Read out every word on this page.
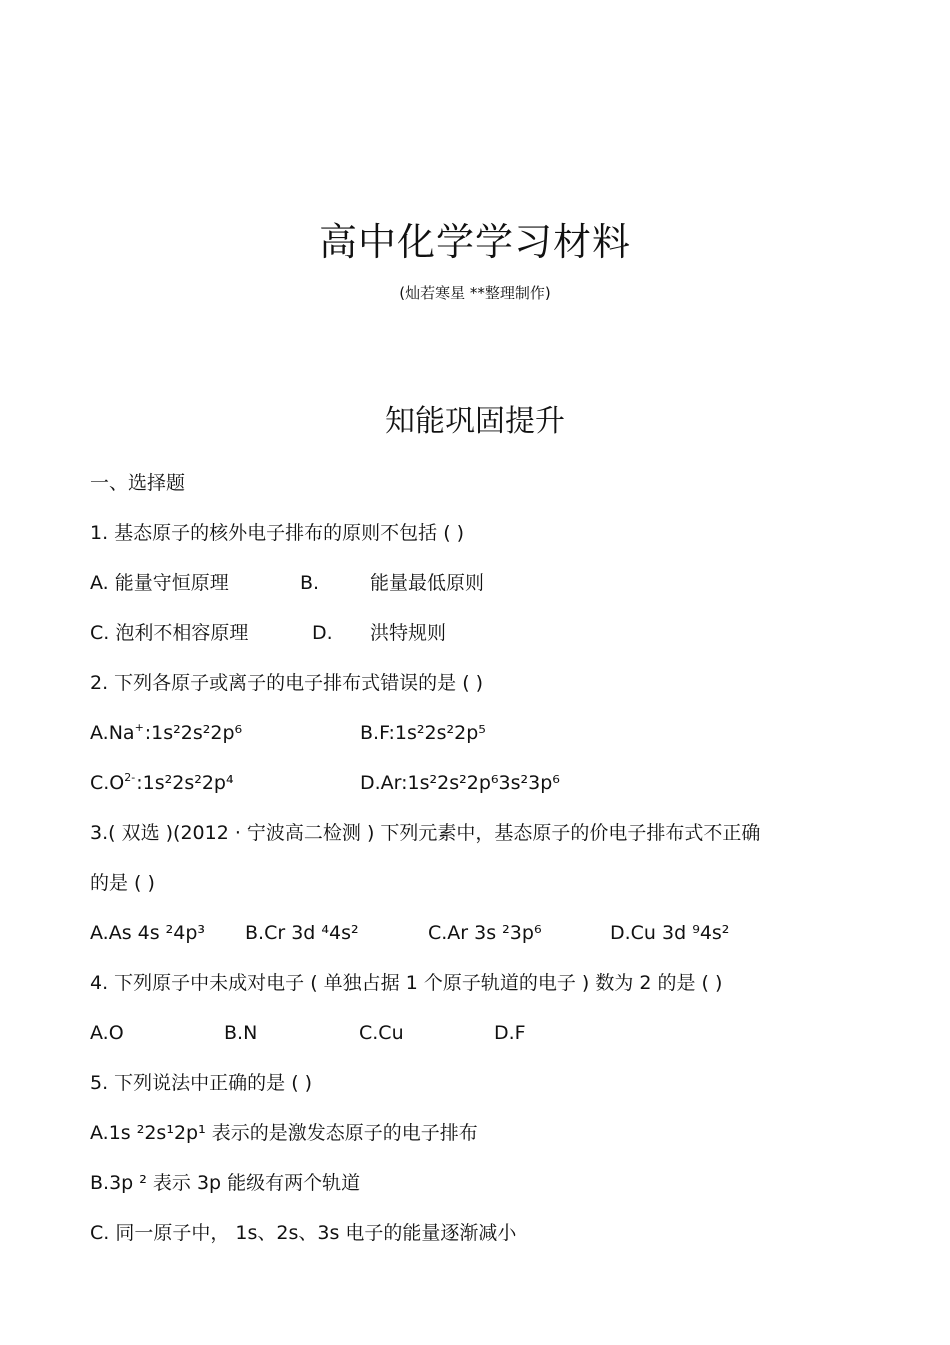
高中化学学习材料
(灿若寒星 **整理制作)
知能巩固提升
一、选择题
1. 基态原子的核外电子排布的原则不包括 ( )
A. 能量守恒原理	B.	能量最低原则
C. 泡利不相容原理	D. 洪特规则
2. 下列各原子或离子的电子排布式错误的是 ( )
A.Na+:1s²2s²2p⁶	B.F:1s²2s²2p⁵
$C.O^{2-}:1s^22s^22p^4$	D.Ar:1s²2s²2p⁶3s²3p⁶
3.( 双选 )(2012 · 宁波高二检测 ) 下列元素中，基态原子的价电子排布式不正确
的是 ( )
A.As 4s ²4p³ B.Cr 3d ⁴4s²	C.Ar 3s ²3p⁶	D.Cu 3d ⁹4s²
4. 下列原子中未成对电子 ( 单独占据 1 个原子轨道的电子 ) 数为 2 的是 ( )
A.O	B.N	C.Cu	D.F
5. 下列说法中正确的是 ( )
A.1s ²2s¹2p¹ 表示的是激发态原子的电子排布
B.3p ² 表示 3p 能级有两个轨道
C. 同一原子中， 1s、2s、3s 电子的能量逐渐减小
